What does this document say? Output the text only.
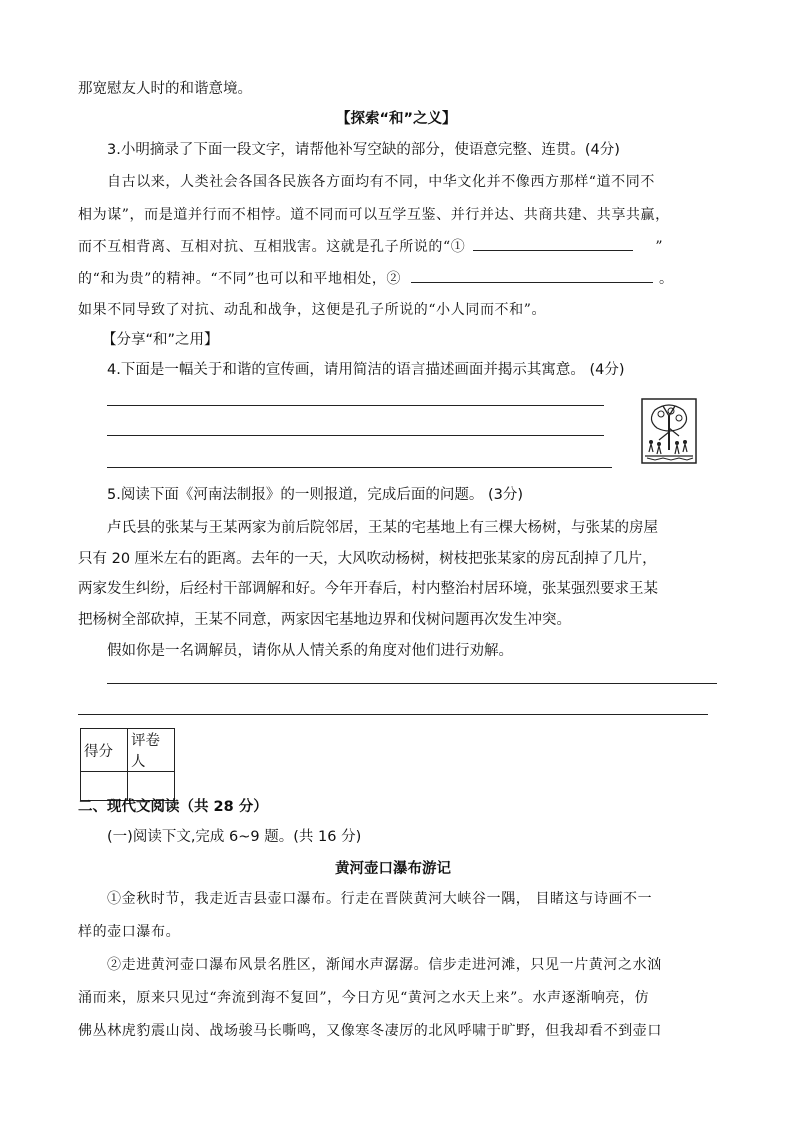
那宽慰友人时的和谐意境。
【探索“和”之义】
3.小明摘录了下面一段文字，请帮他补写空缺的部分，使语意完整、连贯。(4分)
自古以来，人类社会各国各民族各方面均有不同，中华文化并不像西方那样“道不同不
相为谋”，而是道并行而不相悖。道不同而可以互学互鉴、并行并达、共商共建、共享共赢，
而不互相背离、互相对抗、互相戕害。这就是孔子所说的“①	”
的“和为贵”的精神。“不同”也可以和平地相处，②	。
如果不同导致了对抗、动乱和战争，这便是孔子所说的“小人同而不和”。
【分享“和”之用】
4.下面是一幅关于和谐的宣传画，请用简洁的语言描述画面并揭示其寓意。 (4分)
5.阅读下面《河南法制报》的一则报道，完成后面的问题。 (3分)
卢氏县的张某与王某两家为前后院邻居，王某的宅基地上有三棵大杨树，与张某的房屋
只有 20 厘米左右的距离。去年的一天，大风吹动杨树，树枝把张某家的房瓦刮掉了几片，
两家发生纠纷，后经村干部调解和好。今年开春后，村内整治村居环境，张某强烈要求王某
把杨树全部砍掉，王某不同意，两家因宅基地边界和伐树问题再次发生冲突。
假如你是一名调解员，请你从人情关系的角度对他们进行劝解。
得分	评卷人

二、现代文阅读（共 28 分）
(一)阅读下文,完成 6~9 题。(共 16 分)
黄河壶口瀑布游记
①金秋时节，我走近吉县壶口瀑布。行走在晋陕黄河大峡谷一隅， 目睹这与诗画不一
样的壶口瀑布。
②走进黄河壶口瀑布风景名胜区，渐闻水声潺潺。信步走进河滩，只见一片黄河之水汹
涌而来，原来只见过“奔流到海不复回”，今日方见“黄河之水天上来”。水声逐渐响亮，仿
佛丛林虎豹震山岗、战场骏马长嘶鸣，又像寒冬凄厉的北风呼啸于旷野，但我却看不到壶口
